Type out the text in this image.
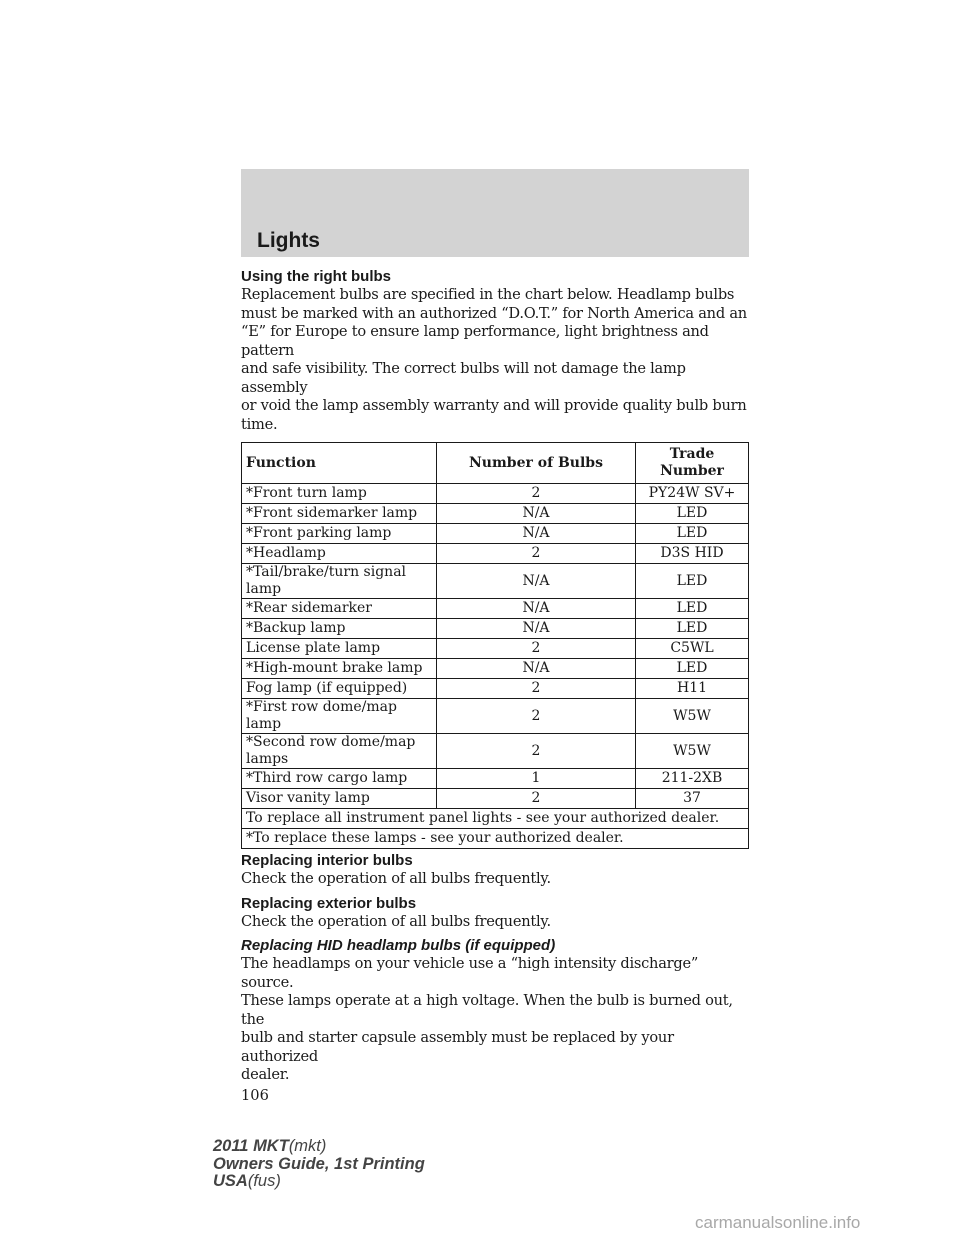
Lights

Using the right bulbs

Replacement bulbs are specified in the chart below. Headlamp bulbs

must be marked with an authorized “D.O.T.” for North America and an

“E” for Europe to ensure lamp performance, light brightness and pattern

and safe visibility. The correct bulbs will not damage the lamp assembly

or void the lamp assembly warranty and will provide quality bulb burn

time.

Function	Number of Bulbs	Trade
Number
*Front turn lamp	2	PY24W SV+
*Front sidemarker lamp	N/A	LED
*Front parking lamp	N/A	LED
*Headlamp	2	D3S HID
*Tail/brake/turn signal
lamp	N/A	LED
*Rear sidemarker	N/A	LED
*Backup lamp	N/A	LED
License plate lamp	2	C5WL
*High-mount brake lamp	N/A	LED
Fog lamp (if equipped)	2	H11
*First row dome/map lamp	2	W5W
*Second row dome/map
lamps	2	W5W
*Third row cargo lamp	1	211-2XB
Visor vanity lamp	2	37
To replace all instrument panel lights - see your authorized dealer.		
*To replace these lamps - see your authorized dealer.		

Replacing interior bulbs

Check the operation of all bulbs frequently.

Replacing exterior bulbs

Check the operation of all bulbs frequently.

Replacing HID headlamp bulbs (if equipped)

The headlamps on your vehicle use a “high intensity discharge” source.

These lamps operate at a high voltage. When the bulb is burned out, the

bulb and starter capsule assembly must be replaced by your authorized

dealer.

106
2011 MKT(mkt)
Owners Guide, 1st Printing
USA(fus)
carmanualsonline.info
